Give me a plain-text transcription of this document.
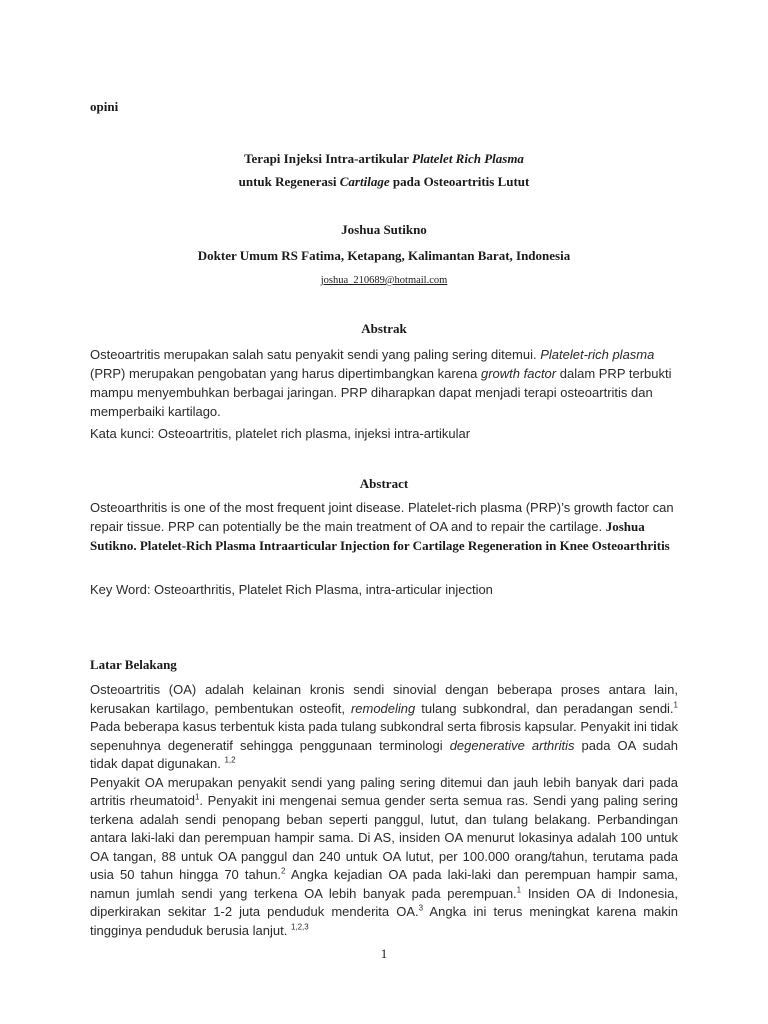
opini
Terapi Injeksi Intra-artikular Platelet Rich Plasma
untuk Regenerasi Cartilage pada Osteoartritis Lutut
Joshua Sutikno
Dokter Umum RS Fatima, Ketapang, Kalimantan Barat, Indonesia
joshua_210689@hotmail.com
Abstrak
Osteoartritis merupakan salah satu penyakit sendi yang paling sering ditemui. Platelet-rich plasma (PRP) merupakan pengobatan yang harus dipertimbangkan karena growth factor dalam PRP terbukti mampu menyembuhkan berbagai jaringan. PRP diharapkan dapat menjadi terapi osteoartritis dan memperbaiki kartilago.
Kata kunci: Osteoartritis, platelet rich plasma, injeksi intra-artikular
Abstract
Osteoarthritis is one of the most frequent joint disease. Platelet-rich plasma (PRP)’s growth factor can repair tissue. PRP can potentially be the main treatment of OA and to repair the cartilage. Joshua Sutikno. Platelet-Rich Plasma Intraarticular Injection for Cartilage Regeneration in Knee Osteoarthritis
Key Word: Osteoarthritis, Platelet Rich Plasma, intra-articular injection
Latar Belakang

Osteoartritis (OA) adalah kelainan kronis sendi sinovial dengan beberapa proses antara lain, kerusakan kartilago, pembentukan osteofit, remodeling tulang subkondral, dan peradangan sendi.$^1$ Pada beberapa kasus terbentuk kista pada tulang subkondral serta fibrosis kapsular. Penyakit ini tidak sepenuhnya degeneratif sehingga penggunaan terminologi degenerative arthritis pada OA sudah tidak dapat digunakan. $^{1,2}$

Penyakit OA merupakan penyakit sendi yang paling sering ditemui dan jauh lebih banyak dari pada artritis rheumatoid$^1$. Penyakit ini mengenai semua gender serta semua ras. Sendi yang paling sering terkena adalah sendi penopang beban seperti panggul, lutut, dan tulang belakang. Perbandingan antara laki-laki dan perempuan hampir sama. Di AS, insiden OA menurut lokasinya adalah 100 untuk OA tangan, 88 untuk OA panggul dan 240 untuk OA lutut, per 100.000 orang/tahun, terutama pada usia 50 tahun hingga 70 tahun.$^2$ Angka kejadian OA pada laki-laki dan perempuan hampir sama, namun jumlah sendi yang terkena OA lebih banyak pada perempuan.$^1$ Insiden OA di Indonesia, diperkirakan sekitar 1-2 juta penduduk menderita OA.$^3$ Angka ini terus meningkat karena makin tingginya penduduk berusia lanjut. $^{1,2,3}$

1
